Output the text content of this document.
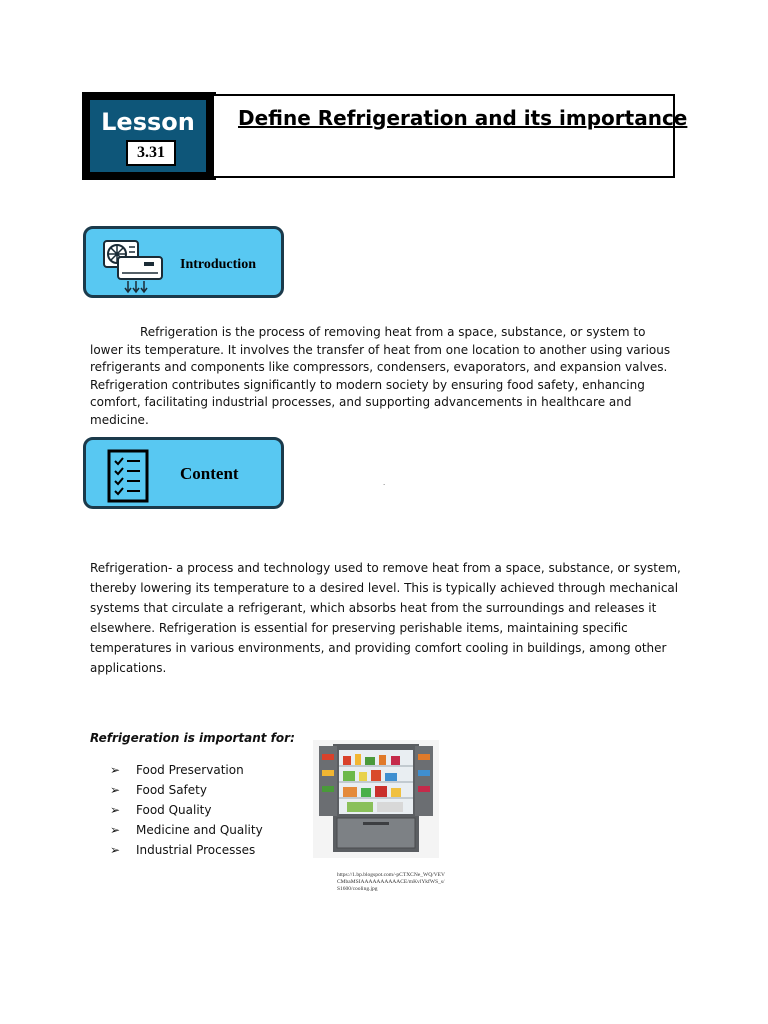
Lesson
3.31
Define Refrigeration and its importance
Introduction
Refrigeration is the process of removing heat from a space, substance, or system to lower its temperature. It involves the transfer of heat from one location to another using various refrigerants and components like compressors, condensers, evaporators, and expansion valves. Refrigeration contributes significantly to modern society by ensuring food safety, enhancing comfort, facilitating industrial processes, and supporting advancements in healthcare and medicine.
Content	.
Refrigeration- a process and technology used to remove heat from a space, substance, or system, thereby lowering its temperature to a desired level. This is typically achieved through mechanical systems that circulate a refrigerant, which absorbs heat from the surroundings and releases it elsewhere. Refrigeration is essential for preserving perishable items, maintaining specific temperatures in various environments, and providing comfort cooling in buildings, among other applications.
Refrigeration is important for:
➢ Food Preservation
➢ Food Safety
➢ Food Quality
➢ Medicine and Quality
➢ Industrial Processes
https://1.bp.blogspot.com/-pCTXCNe_WQ/VEVCMbaMSIAAAAAAAAAACE/mKvlYkfWS_s/S1600/cooling.jpg
